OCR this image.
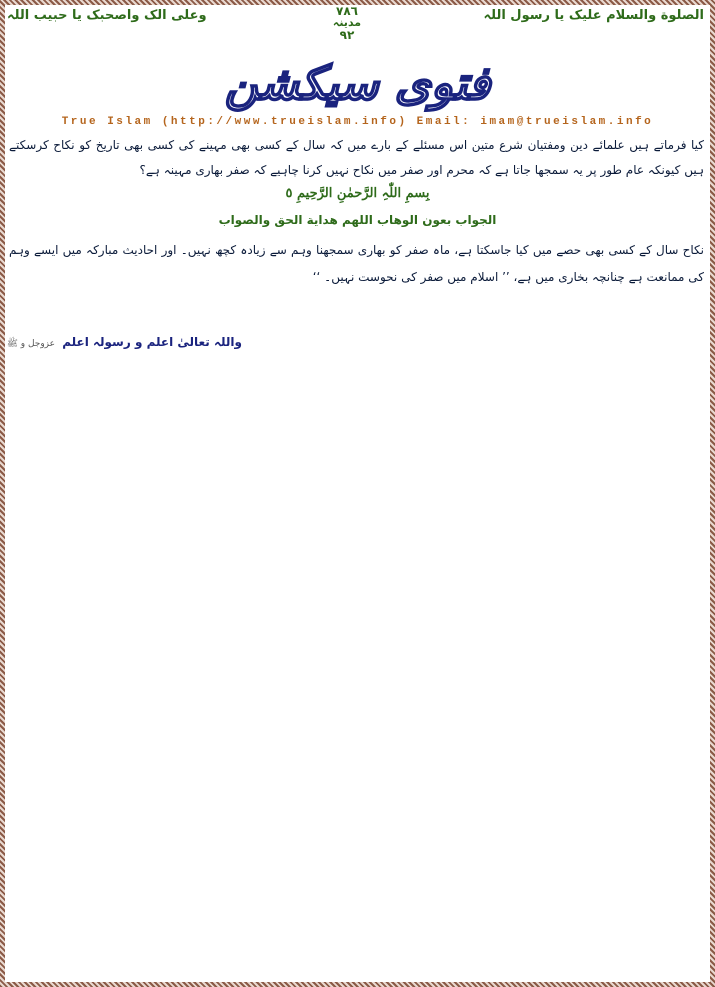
الصلوة والسلام علیک یا رسول اللہ
۷۸٦
مدینہ
۹۲
وعلی الک واصحبک یا حبیب اللہ
فتوی سیکشن
True Islam (http://www.trueislam.info) Email: imam@trueislam.info
کیا فرماتے ہیں علمائے دین ومفتیان شرع متین اس مسئلے کے بارے میں کہ سال کے کسی بھی مہینے کی کسی بھی تاریخ کو نکاح کرسکتے ہیں کیونکہ عام طور پر یہ سمجھا جاتا ہے کہ محرم اور صفر میں نکاح نہیں کرنا چاہیے کہ صفر بھاری مہینہ ہے؟
بِسمِ اللّٰہِ الرَّحمٰنِ الرَّحِیمِ ٥
الجواب بعون الوهاب اللهم هداية الحق والصواب
نکاح سال کے کسی بھی حصے میں کیا جاسکتا ہے، ماہ صفر کو بھاری سمجھنا وہم سے زیادہ کچھ نہیں۔ اور احادیث مبارکہ میں ایسے وہم کی ممانعت ہے چنانچہ بخاری میں ہے، ’’ اسلام میں صفر کی نحوست نہیں۔ ‘‘
واللہ تعالیٰ اعلم و رسولہ اعلم عزوجل و ﷺ
